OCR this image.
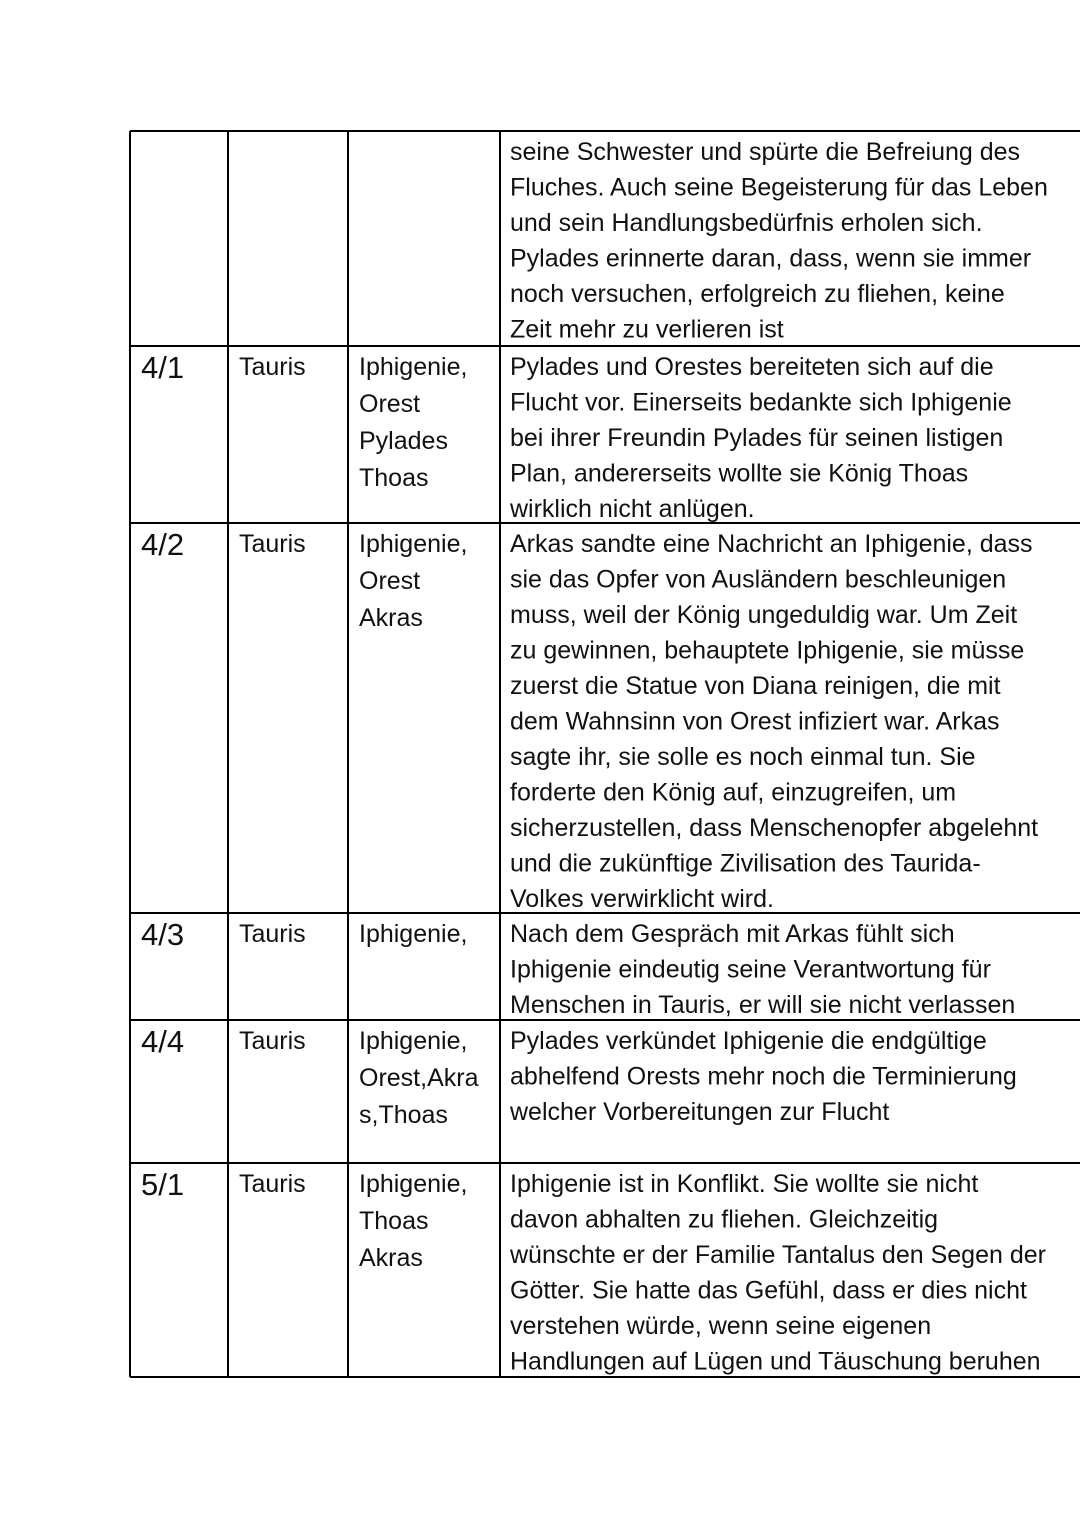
seine Schwester und spürte die Befreiung des
Fluches. Auch seine Begeisterung für das Leben
und sein Handlungsbedürfnis erholen sich.
Pylades erinnerte daran, dass, wenn sie immer
noch versuchen, erfolgreich zu fliehen, keine
Zeit mehr zu verlieren ist
4/1 Tauris Iphigenie,
Orest
Pylades
Thoas
Pylades und Orestes bereiteten sich auf die
Flucht vor. Einerseits bedankte sich Iphigenie
bei ihrer Freundin Pylades für seinen listigen
Plan, andererseits wollte sie König Thoas
wirklich nicht anlügen.
4/2 Tauris Iphigenie,
Orest
Akras
Arkas sandte eine Nachricht an Iphigenie, dass
sie das Opfer von Ausländern beschleunigen
muss, weil der König ungeduldig war. Um Zeit
zu gewinnen, behauptete Iphigenie, sie müsse
zuerst die Statue von Diana reinigen, die mit
dem Wahnsinn von Orest infiziert war. Arkas
sagte ihr, sie solle es noch einmal tun. Sie
forderte den König auf, einzugreifen, um
sicherzustellen, dass Menschenopfer abgelehnt
und die zukünftige Zivilisation des Taurida-
Volkes verwirklicht wird.
4/3 Tauris Iphigenie, Nach dem Gespräch mit Arkas fühlt sich
Iphigenie eindeutig seine Verantwortung für
Menschen in Tauris, er will sie nicht verlassen
4/4 Tauris Iphigenie,
Orest,Akra
s,Thoas
Pylades verkündet Iphigenie die endgültige
abhelfend Orests mehr noch die Terminierung
welcher Vorbereitungen zur Flucht
5/1 Tauris Iphigenie,
Thoas
Akras
Iphigenie ist in Konflikt. Sie wollte sie nicht
davon abhalten zu fliehen. Gleichzeitig
wünschte er der Familie Tantalus den Segen der
Götter. Sie hatte das Gefühl, dass er dies nicht
verstehen würde, wenn seine eigenen
Handlungen auf Lügen und Täuschung beruhen
